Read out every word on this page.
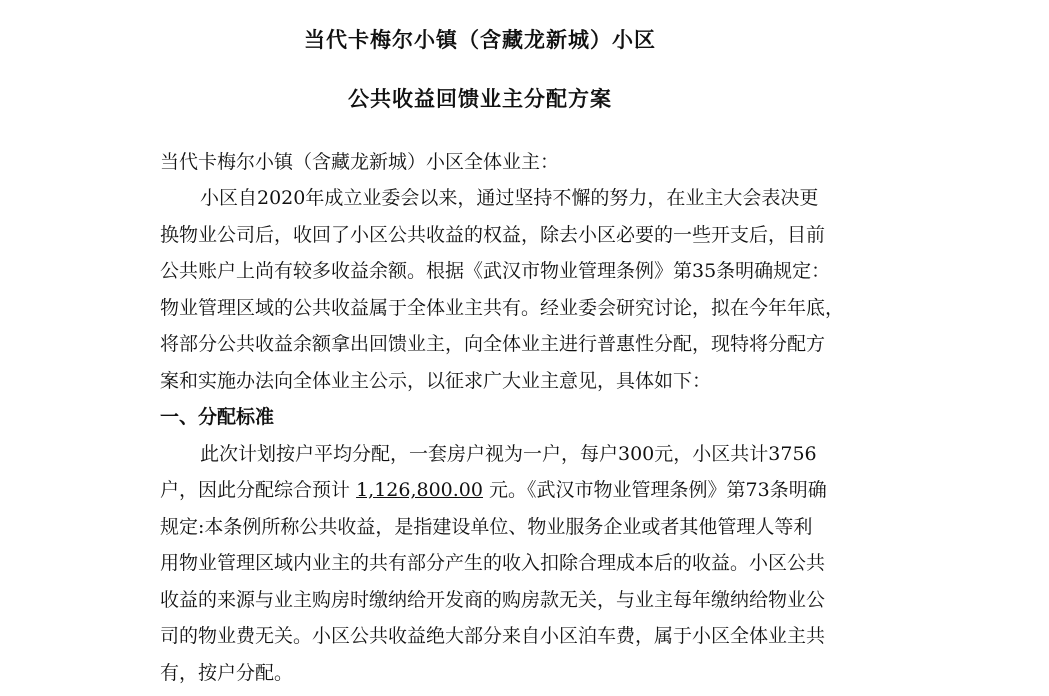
当代卡梅尔小镇（含藏龙新城）小区
公共收益回馈业主分配方案
当代卡梅尔小镇（含藏龙新城）小区全体业主：
小区自2020年成立业委会以来，通过坚持不懈的努力，在业主大会表决更
换物业公司后，收回了小区公共收益的权益，除去小区必要的一些开支后，目前
公共账户上尚有较多收益余额。根据《武汉市物业管理条例》第35条明确规定：
物业管理区域的公共收益属于全体业主共有。经业委会研究讨论，拟在今年年底，
将部分公共收益余额拿出回馈业主，向全体业主进行普惠性分配，现特将分配方
案和实施办法向全体业主公示，以征求广大业主意见，具体如下：
一、分配标准
此次计划按户平均分配，一套房户视为一户，每户300元，小区共计3756
户，因此分配综合预计 1,126,800.00 元。《武汉市物业管理条例》第73条明确
规定:本条例所称公共收益，是指建设单位、物业服务企业或者其他管理人等利
用物业管理区域内业主的共有部分产生的收入扣除合理成本后的收益。小区公共
收益的来源与业主购房时缴纳给开发商的购房款无关，与业主每年缴纳给物业公
司的物业费无关。小区公共收益绝大部分来自小区泊车费，属于小区全体业主共
有，按户分配。
